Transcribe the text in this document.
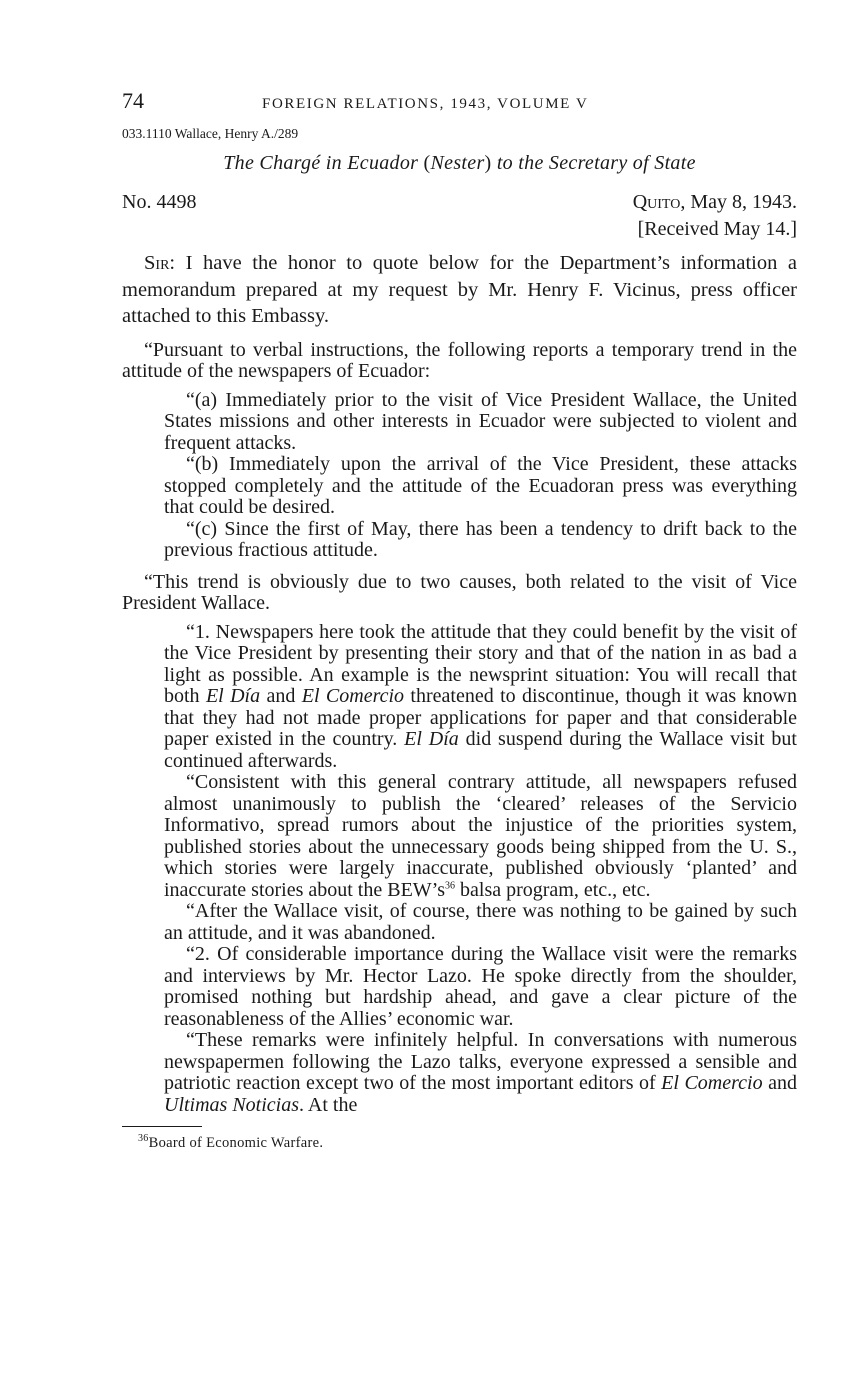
74	FOREIGN RELATIONS, 1943, VOLUME V
033.1110 Wallace, Henry A./289
The Chargé in Ecuador (Nester) to the Secretary of State
No. 4498	Quito, May 8, 1943.
[Received May 14.]

Sir: I have the honor to quote below for the Department’s information a memorandum prepared at my request by Mr. Henry F. Vicinus, press officer attached to this Embassy.

“Pursuant to verbal instructions, the following reports a temporary trend in the attitude of the newspapers of Ecuador:

“(a) Immediately prior to the visit of Vice President Wallace, the United States missions and other interests in Ecuador were subjected to violent and frequent attacks.

“(b) Immediately upon the arrival of the Vice President, these attacks stopped completely and the attitude of the Ecuadoran press was everything that could be desired.

“(c) Since the first of May, there has been a tendency to drift back to the previous fractious attitude.

“This trend is obviously due to two causes, both related to the visit of Vice President Wallace.

“1. Newspapers here took the attitude that they could benefit by the visit of the Vice President by presenting their story and that of the nation in as bad a light as possible. An example is the newsprint situation: You will recall that both El Día and El Comercio threatened to discontinue, though it was known that they had not made proper applications for paper and that considerable paper existed in the country. El Día did suspend during the Wallace visit but continued afterwards.

“Consistent with this general contrary attitude, all newspapers refused almost unanimously to publish the ‘cleared’ releases of the Servicio Informativo, spread rumors about the injustice of the priorities system, published stories about the unnecessary goods being shipped from the U. S., which stories were largely inaccurate, published obviously ‘planted’ and inaccurate stories about the $BEW’s^{36}$ balsa program, etc., etc.

“After the Wallace visit, of course, there was nothing to be gained by such an attitude, and it was abandoned.

“2. Of considerable importance during the Wallace visit were the remarks and interviews by Mr. Hector Lazo. He spoke directly from the shoulder, promised nothing but hardship ahead, and gave a clear picture of the reasonableness of the Allies’ economic war.

“These remarks were infinitely helpful. In conversations with numerous newspapermen following the Lazo talks, everyone expressed a sensible and patriotic reaction except two of the most important editors of El Comercio and Ultimas Noticias. At the

$^{36}$Board of Economic Warfare.
